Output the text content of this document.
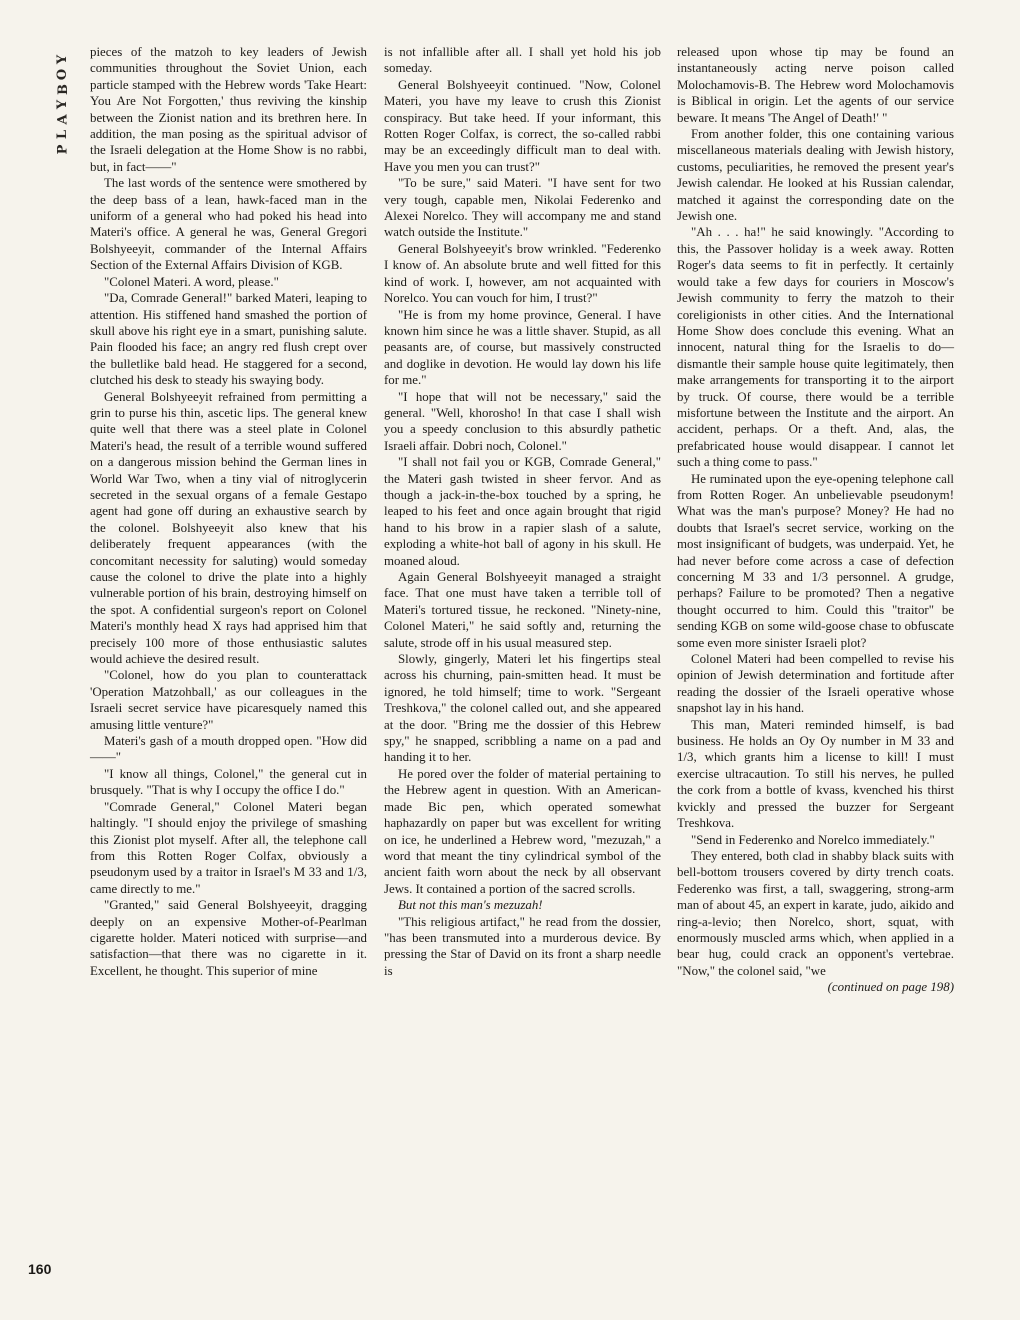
Y
O
B
Y
A
L
P
160

pieces of the matzoh to key leaders of Jewish communities throughout the Soviet Union, each particle stamped with the Hebrew words 'Take Heart: You Are Not Forgotten,' thus reviving the kinship between the Zionist nation and its brethren here. In addition, the man posing as the spiritual advisor of the Israeli delegation at the Home Show is no rabbi, but, in fact——"

The last words of the sentence were smothered by the deep bass of a lean, hawk-faced man in the uniform of a general who had poked his head into Materi's office. A general he was, General Gregori Bolshyeeyit, commander of the Internal Affairs Section of the External Affairs Division of KGB.

"Colonel Materi. A word, please."

"Da, Comrade General!" barked Materi, leaping to attention. His stiffened hand smashed the portion of skull above his right eye in a smart, punishing salute. Pain flooded his face; an angry red flush crept over the bulletlike bald head. He staggered for a second, clutched his desk to steady his swaying body.

General Bolshyeeyit refrained from permitting a grin to purse his thin, ascetic lips. The general knew quite well that there was a steel plate in Colonel Materi's head, the result of a terrible wound suffered on a dangerous mission behind the German lines in World War Two, when a tiny vial of nitroglycerin secreted in the sexual organs of a female Gestapo agent had gone off during an exhaustive search by the colonel. Bolshyeeyit also knew that his deliberately frequent appearances (with the concomitant necessity for saluting) would someday cause the colonel to drive the plate into a highly vulnerable portion of his brain, destroying himself on the spot. A confidential surgeon's report on Colonel Materi's monthly head X rays had apprised him that precisely 100 more of those enthusiastic salutes would achieve the desired result.

"Colonel, how do you plan to counterattack 'Operation Matzohball,' as our colleagues in the Israeli secret service have picaresquely named this amusing little venture?"

Materi's gash of a mouth dropped open. "How did——"

"I know all things, Colonel," the general cut in brusquely. "That is why I occupy the office I do."

"Comrade General," Colonel Materi began haltingly. "I should enjoy the privilege of smashing this Zionist plot myself. After all, the telephone call from this Rotten Roger Colfax, obviously a pseudonym used by a traitor in Israel's M 33 and 1/3, came directly to me."

"Granted," said General Bolshyeeyit, dragging deeply on an expensive Mother-of-Pearlman cigarette holder. Materi noticed with surprise—and satisfaction—that there was no cigarette in it. Excellent, he thought. This superior of mine

is not infallible after all. I shall yet hold his job someday.

General Bolshyeeyit continued. "Now, Colonel Materi, you have my leave to crush this Zionist conspiracy. But take heed. If your informant, this Rotten Roger Colfax, is correct, the so-called rabbi may be an exceedingly difficult man to deal with. Have you men you can trust?"

"To be sure," said Materi. "I have sent for two very tough, capable men, Nikolai Federenko and Alexei Norelco. They will accompany me and stand watch outside the Institute."

General Bolshyeeyit's brow wrinkled. "Federenko I know of. An absolute brute and well fitted for this kind of work. I, however, am not acquainted with Norelco. You can vouch for him, I trust?"

"He is from my home province, General. I have known him since he was a little shaver. Stupid, as all peasants are, of course, but massively constructed and doglike in devotion. He would lay down his life for me."

"I hope that will not be necessary," said the general. "Well, khorosho! In that case I shall wish you a speedy conclusion to this absurdly pathetic Israeli affair. Dobri noch, Colonel."

"I shall not fail you or KGB, Comrade General," the Materi gash twisted in sheer fervor. And as though a jack-in-the-box touched by a spring, he leaped to his feet and once again brought that rigid hand to his brow in a rapier slash of a salute, exploding a white-hot ball of agony in his skull. He moaned aloud.

Again General Bolshyeeyit managed a straight face. That one must have taken a terrible toll of Materi's tortured tissue, he reckoned. "Ninety-nine, Colonel Materi," he said softly and, returning the salute, strode off in his usual measured step.

Slowly, gingerly, Materi let his fingertips steal across his churning, pain-smitten head. It must be ignored, he told himself; time to work. "Sergeant Treshkova," the colonel called out, and she appeared at the door. "Bring me the dossier of this Hebrew spy," he snapped, scribbling a name on a pad and handing it to her.

He pored over the folder of material pertaining to the Hebrew agent in question. With an American-made Bic pen, which operated somewhat haphazardly on paper but was excellent for writing on ice, he underlined a Hebrew word, "mezuzah," a word that meant the tiny cylindrical symbol of the ancient faith worn about the neck by all observant Jews. It contained a portion of the sacred scrolls.

But not this man's mezuzah!

"This religious artifact," he read from the dossier, "has been transmuted into a murderous device. By pressing the Star of David on its front a sharp needle is

released upon whose tip may be found an instantaneously acting nerve poison called Molochamovis-B. The Hebrew word Molochamovis is Biblical in origin. Let the agents of our service beware. It means 'The Angel of Death!' "

From another folder, this one containing various miscellaneous materials dealing with Jewish history, customs, peculiarities, he removed the present year's Jewish calendar. He looked at his Russian calendar, matched it against the corresponding date on the Jewish one.

"Ah . . . ha!" he said knowingly. "According to this, the Passover holiday is a week away. Rotten Roger's data seems to fit in perfectly. It certainly would take a few days for couriers in Moscow's Jewish community to ferry the matzoh to their coreligionists in other cities. And the International Home Show does conclude this evening. What an innocent, natural thing for the Israelis to do—dismantle their sample house quite legitimately, then make arrangements for transporting it to the airport by truck. Of course, there would be a terrible misfortune between the Institute and the airport. An accident, perhaps. Or a theft. And, alas, the prefabricated house would disappear. I cannot let such a thing come to pass."

He ruminated upon the eye-opening telephone call from Rotten Roger. An unbelievable pseudonym! What was the man's purpose? Money? He had no doubts that Israel's secret service, working on the most insignificant of budgets, was underpaid. Yet, he had never before come across a case of defection concerning M 33 and 1/3 personnel. A grudge, perhaps? Failure to be promoted? Then a negative thought occurred to him. Could this "traitor" be sending KGB on some wild-goose chase to obfuscate some even more sinister Israeli plot?

Colonel Materi had been compelled to revise his opinion of Jewish determination and fortitude after reading the dossier of the Israeli operative whose snapshot lay in his hand.

This man, Materi reminded himself, is bad business. He holds an Oy Oy number in M 33 and 1/3, which grants him a license to kill! I must exercise ultracaution. To still his nerves, he pulled the cork from a bottle of kvass, kvenched his thirst kvickly and pressed the buzzer for Sergeant Treshkova.

"Send in Federenko and Norelco immediately."

They entered, both clad in shabby black suits with bell-bottom trousers covered by dirty trench coats. Federenko was first, a tall, swaggering, strong-arm man of about 45, an expert in karate, judo, aikido and ring-a-levio; then Norelco, short, squat, with enormously muscled arms which, when applied in a bear hug, could crack an opponent's vertebrae. "Now," the colonel said, "we

(continued on page 198)
